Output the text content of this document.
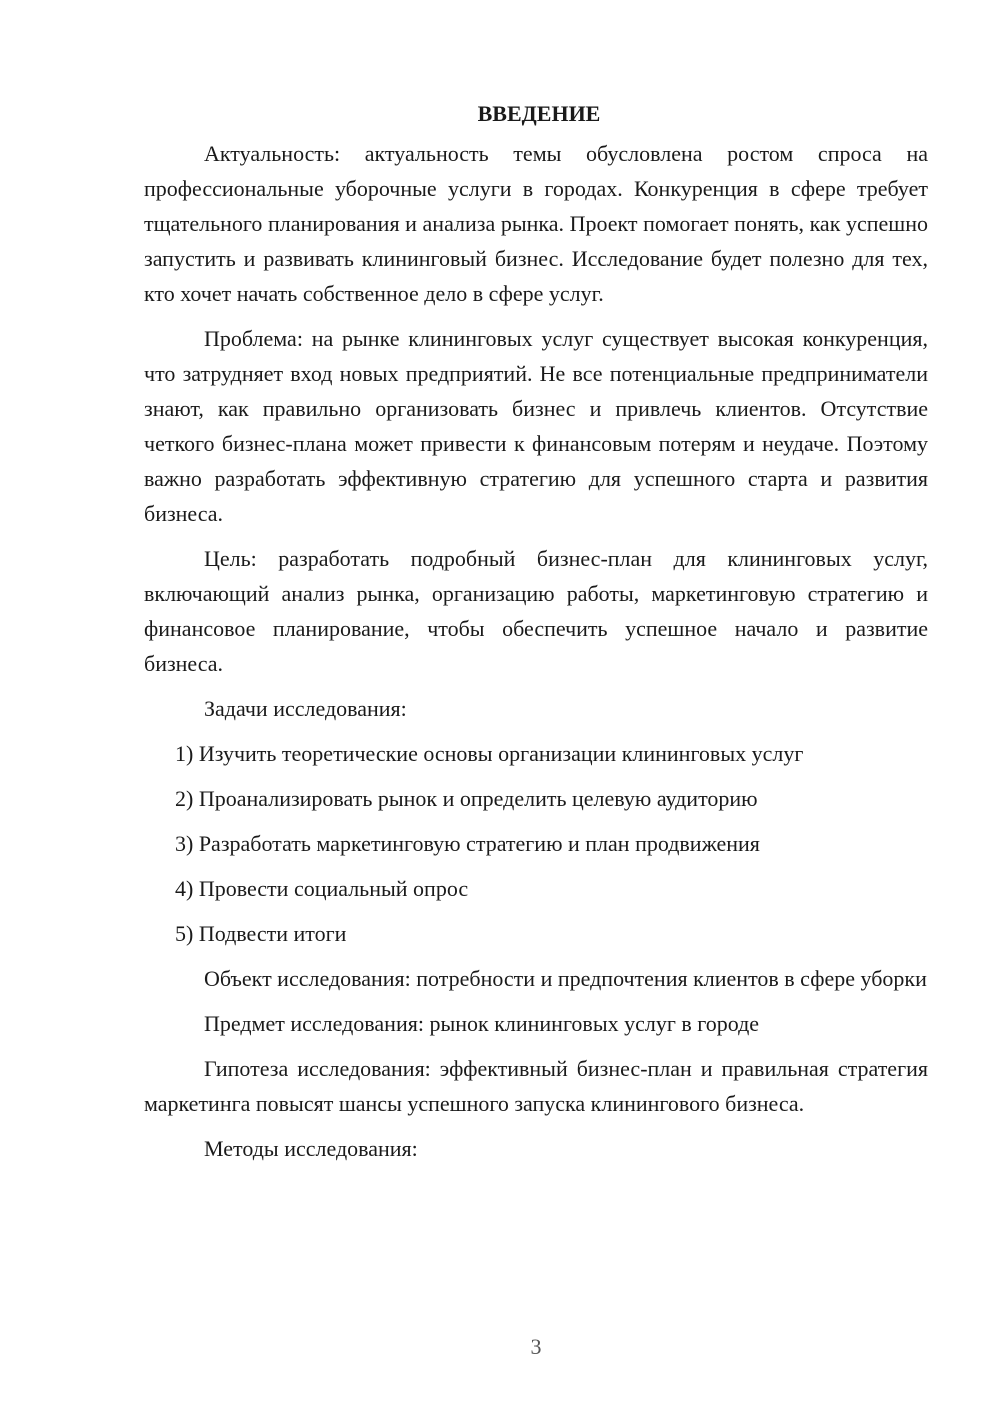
ВВЕДЕНИЕ

Актуальность: актуальность темы обусловлена ростом спроса на профессиональные уборочные услуги в городах. Конкуренция в сфере требует тщательного планирования и анализа рынка. Проект помогает понять, как успешно запустить и развивать клининговый бизнес. Исследование будет полезно для тех, кто хочет начать собственное дело в сфере услуг.

Проблема: на рынке клининговых услуг существует высокая конкуренция, что затрудняет вход новых предприятий. Не все потенциальные предприниматели знают, как правильно организовать бизнес и привлечь клиентов. Отсутствие четкого бизнес-плана может привести к финансовым потерям и неудаче. Поэтому важно разработать эффективную стратегию для успешного старта и развития бизнеса.

Цель: разработать подробный бизнес-план для клининговых услуг, включающий анализ рынка, организацию работы, маркетинговую стратегию и финансовое планирование, чтобы обеспечить успешное начало и развитие бизнеса.

Задачи исследования:

1) Изучить теоретические основы организации клининговых услуг
2) Проанализировать рынок и определить целевую аудиторию
3) Разработать маркетинговую стратегию и план продвижения
4) Провести социальный опрос
5) Подвести итоги

Объект исследования: потребности и предпочтения клиентов в сфере уборки

Предмет исследования: рынок клининговых услуг в городе

Гипотеза исследования: эффективный бизнес-план и правильная стратегия маркетинга повысят шансы успешного запуска клинингового бизнеса.

Методы исследования:

3
